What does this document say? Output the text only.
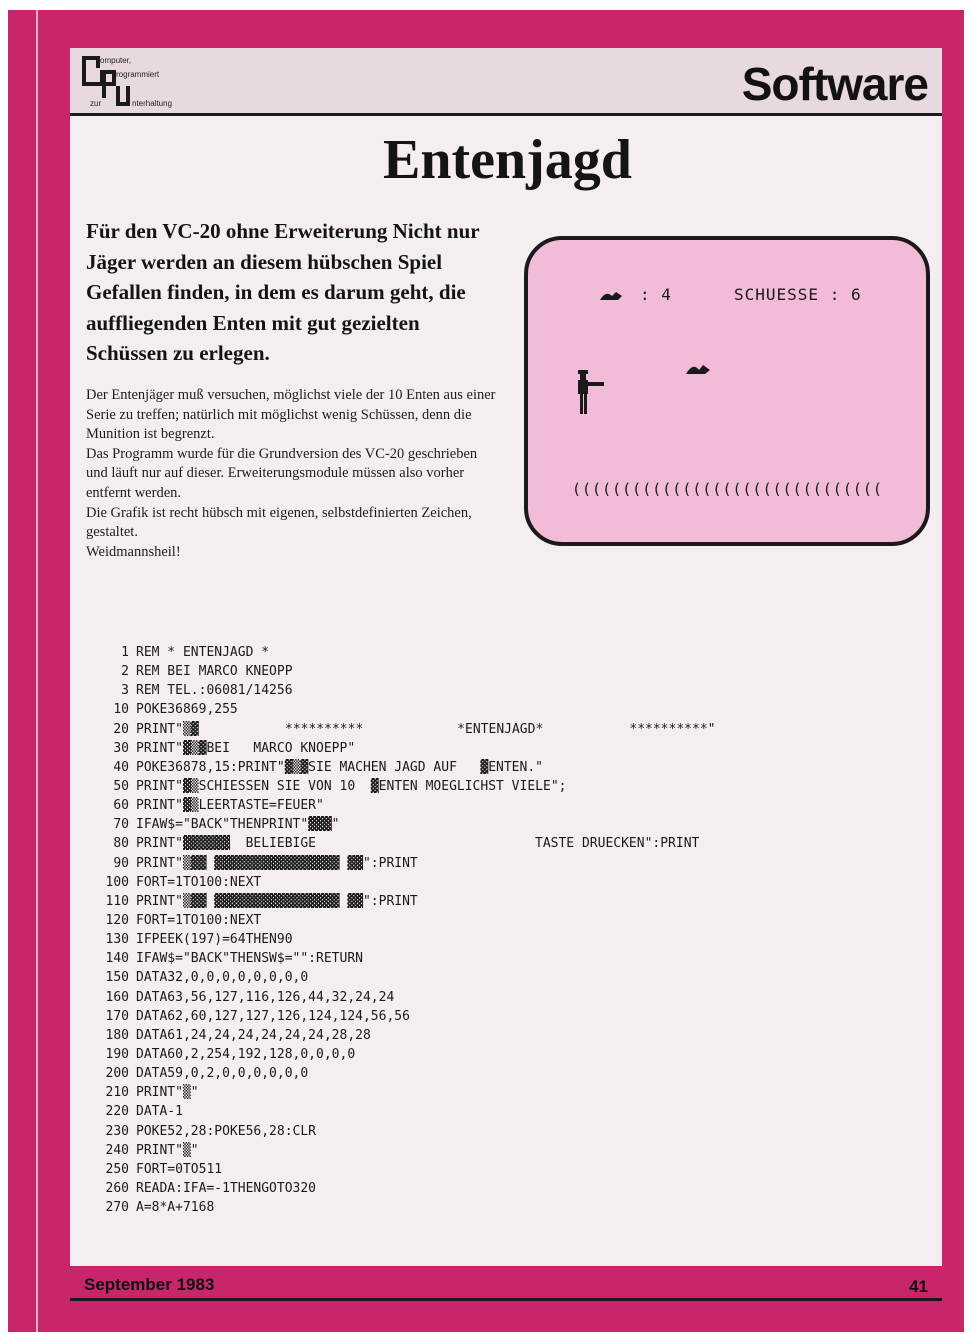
omputer,
rogrammiert
zur	nterhaltung	Software
Entenjagd
Für den VC-20 ohne Erweiterung Nicht nur Jäger werden an diesem hübschen Spiel Gefallen finden, in dem es darum geht, die auffliegenden Enten mit gut gezielten Schüssen zu erlegen.

Der Entenjäger muß versuchen, möglichst viele der 10 Enten aus einer Serie zu treffen; natürlich mit möglichst wenig Schüssen, denn die Munition ist begrenzt.

Das Programm wurde für die Grundversion des VC-20 geschrieben und läuft nur auf dieser. Erweiterungsmodule müssen also vorher entfernt werden.

Die Grafik ist recht hübsch mit eigenen, selbstdefinierten Zeichen, gestaltet.

Weidmannsheil!

: 4	SCHUESSE : 6
(((((((((((((((((((((((((((((((
1 REM * ENTENJAGD *
2 REM BEI MARCO KNEOPP
3 REM TEL.:06081/14256
10 POKE36869,255
20 PRINT"▒▓	**********            *ENTENJAGD*           **********"
30 PRINT"▓▒▓BEI   MARCO KNOEPP"
40 POKE36878,15:PRINT"▓▒▓SIE MACHEN JAGD AUF   ▓ENTEN."
50 PRINT"▓▒SCHIESSEN SIE VON 10  ▓ENTEN MOEGLICHST VIELE";
60 PRINT"▓▒LEERTASTE=FEUER"
70 IFAW$="BACK"THENPRINT"▓▓▓"
80 PRINT"▓▓▓▓▓▓  BELIEBIGE	TASTE DRUECKEN":PRINT
90 PRINT"▒▓▓ ▓▓▓▓▓▓▓▓▓▓▓▓▓▓▓▓ ▓▓":PRINT
100 FORT=1TO100:NEXT
110 PRINT"▒▓▓ ▓▓▓▓▓▓▓▓▓▓▓▓▓▓▓▓ ▓▓":PRINT
120 FORT=1TO100:NEXT
130 IFPEEK(197)=64THEN90
140 IFAW$="BACK"THENSW$="":RETURN
150 DATA32,0,0,0,0,0,0,0,0
160 DATA63,56,127,116,126,44,32,24,24
170 DATA62,60,127,127,126,124,124,56,56
180 DATA61,24,24,24,24,24,24,28,28
190 DATA60,2,254,192,128,0,0,0,0
200 DATA59,0,2,0,0,0,0,0,0
210 PRINT"▒"
220 DATA-1
230 POKE52,28:POKE56,28:CLR
240 PRINT"▒"
250 FORT=0TO511
260 READA:IFA=-1THENGOTO320
270 A=8*A+7168
September 1983	41
